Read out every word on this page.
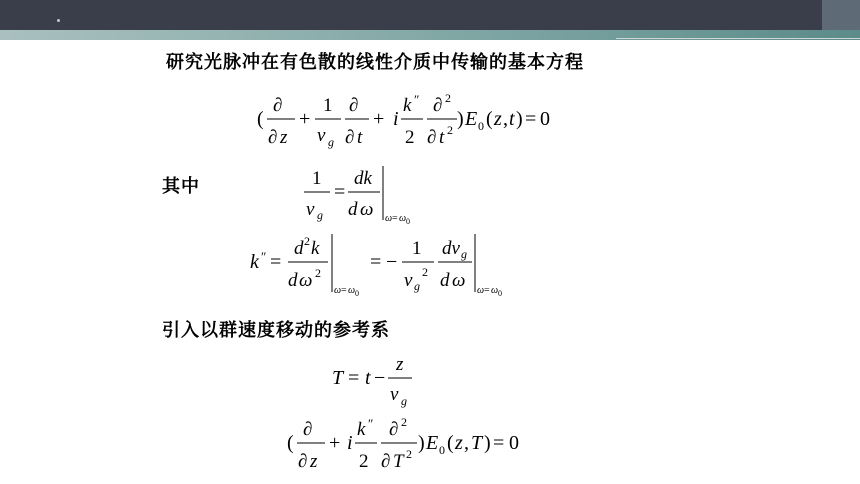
研究光脉冲在有色散的线性介质中传输的基本方程
(
∂
∂ z
+
1
v g
∂
∂ t
+ i
k ″
2
∂ 2
∂ t 2 ) E 0 ( z , t ) = 0
其中	1
v g
=
dk
d ω ω = ω 0
k ″ =
d 2 k
d ω 2
ω = ω 0
= −
1
v g
2
dv g
d ω ω = ω 0
引入以群速度移动的参考系
T = t −
z
v g
(
∂
∂ z
+ i
k ″
2
∂ 2
∂ T 2 ) E 0 ( z , T ) = 0
